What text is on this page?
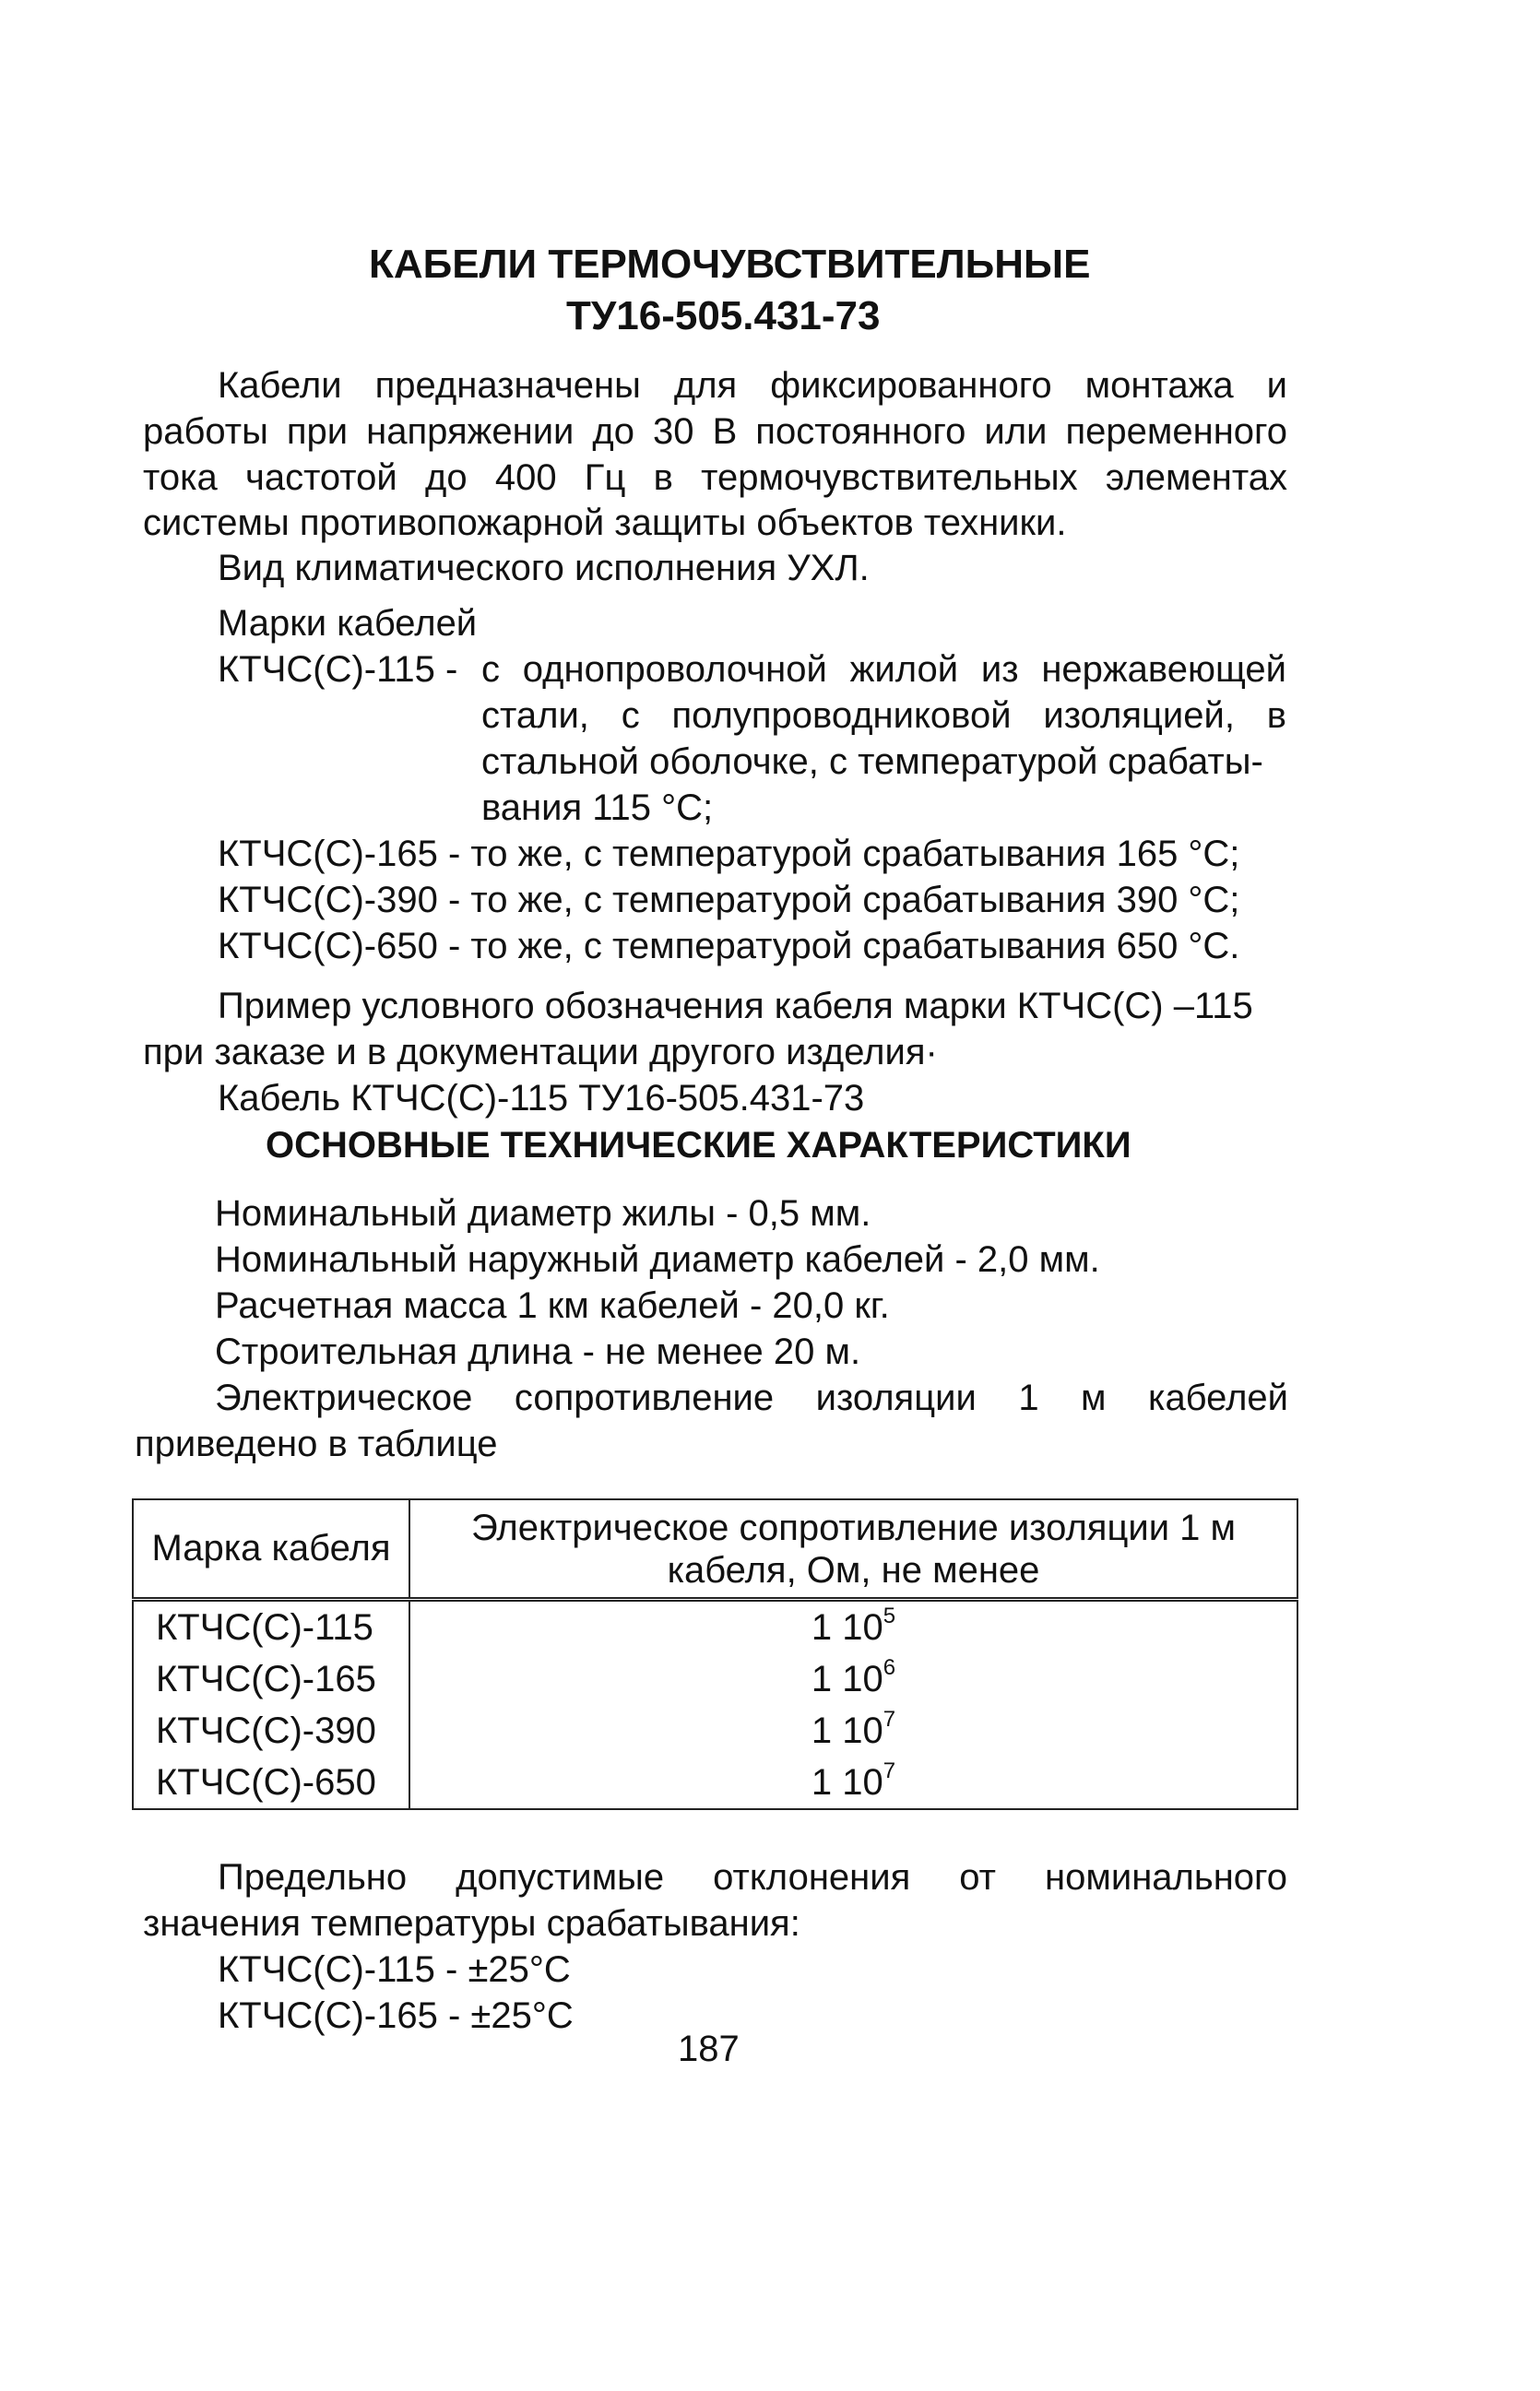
КАБЕЛИ ТЕРМОЧУВСТВИТЕЛЬНЫЕ
ТУ16-505.431-73
Кабели предназначены для фиксированного монтажа и
работы при напряжении до 30 В постоянного или переменного
тока частотой до 400 Гц в термочувствительных элементах
системы противопожарной защиты объектов техники.
Вид климатического исполнения УХЛ.
Марки кабелей
КТЧС(С)-115 - с однопроволочной жилой из нержавеющей
стали, с полупроводниковой изоляцией, в
стальной оболочке, с температурой срабаты-
вания 115 °С;
КТЧС(С)-165 - то же, с температурой срабатывания 165 °С;
КТЧС(С)-390 - то же, с температурой срабатывания 390 °С;
КТЧС(С)-650 - то же, с температурой срабатывания 650 °С.
Пример условного обозначения кабеля марки КТЧС(С) –115
при заказе и в документации другого изделия·
Кабель КТЧС(С)-115 ТУ16-505.431-73
ОСНОВНЫЕ ТЕХНИЧЕСКИЕ ХАРАКТЕРИСТИКИ
Номинальный диаметр жилы - 0,5 мм.
Номинальный наружный диаметр кабелей - 2,0 мм.
Расчетная масса 1 км кабелей - 20,0 кг.
Строительная длина - не менее 20 м.
Электрическое сопротивление изоляции 1 м кабелей
приведено в таблице
Марка кабеля	Электрическое сопротивление изоляции 1 м
кабеля, Ом, не менее
КТЧС(С)-115	1 $10^5$
КТЧС(С)-165	1 $10^6$
КТЧС(С)-390	1 $10^7$
КТЧС(С)-650	1 $10^7$
Предельно допустимые отклонения от номинального
значения температуры срабатывания:
КТЧС(С)-115 - ±25°С
КТЧС(С)-165 - ±25°С
187
